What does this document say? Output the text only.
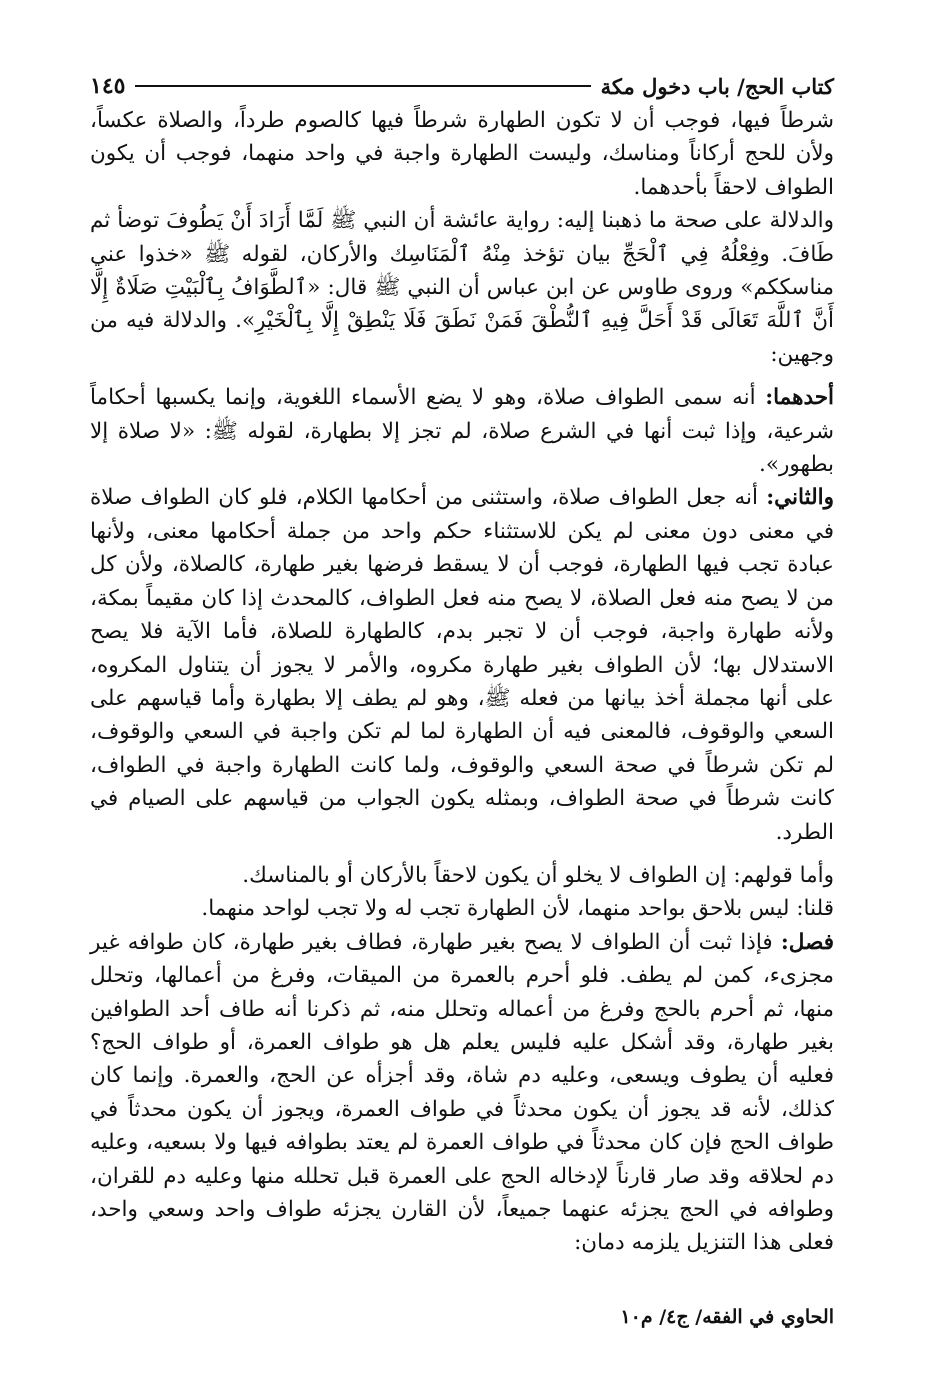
كتاب الحج/ باب دخول مكة
١٤٥

شرطاً فيها، فوجب أن لا تكون الطهارة شرطاً فيها كالصوم طرداً، والصلاة عكساً، ولأن للحج أركاناً ومناسك، وليست الطهارة واجبة في واحد منهما، فوجب أن يكون الطواف لاحقاً بأحدهما.

والدلالة على صحة ما ذهبنا إليه: رواية عائشة أن النبي ﷺ لَمَّا أَرَادَ أَنْ يَطُوفَ توضأ ثم طَافَ. وفِعْلُهُ فِي ٱلْحَجِّ بيان تؤخذ مِنْهُ ٱلْمَنَاسِك والأركان، لقوله ﷺ «خذوا عني مناسككم» وروى طاوس عن ابن عباس أن النبي ﷺ قال: «ٱلطَّوَافُ بِٱلْبَيْتِ صَلَاةٌ إِلَّا أَنَّ ٱللَّهَ تَعَالَى قَدْ أَحَلَّ فِيهِ ٱلنُّطْقَ فَمَنْ نَطَقَ فَلَا يَنْطِقْ إِلَّا بِٱلْخَيْرِ». والدلالة فيه من وجهين:

أحدهما: أنه سمى الطواف صلاة، وهو لا يضع الأسماء اللغوية، وإنما يكسبها أحكاماً شرعية، وإذا ثبت أنها في الشرع صلاة، لم تجز إلا بطهارة، لقوله ﷺ: «لا صلاة إلا بطهور».

والثاني: أنه جعل الطواف صلاة، واستثنى من أحكامها الكلام، فلو كان الطواف صلاة في معنى دون معنى لم يكن للاستثناء حكم واحد من جملة أحكامها معنى، ولأنها عبادة تجب فيها الطهارة، فوجب أن لا يسقط فرضها بغير طهارة، كالصلاة، ولأن كل من لا يصح منه فعل الصلاة، لا يصح منه فعل الطواف، كالمحدث إذا كان مقيماً بمكة، ولأنه طهارة واجبة، فوجب أن لا تجبر بدم، كالطهارة للصلاة، فأما الآية فلا يصح الاستدلال بها؛ لأن الطواف بغير طهارة مكروه، والأمر لا يجوز أن يتناول المكروه، على أنها مجملة أخذ بيانها من فعله ﷺ، وهو لم يطف إلا بطهارة وأما قياسهم على السعي والوقوف، فالمعنى فيه أن الطهارة لما لم تكن واجبة في السعي والوقوف، لم تكن شرطاً في صحة السعي والوقوف، ولما كانت الطهارة واجبة في الطواف، كانت شرطاً في صحة الطواف، وبمثله يكون الجواب من قياسهم على الصيام في الطرد.

وأما قولهم: إن الطواف لا يخلو أن يكون لاحقاً بالأركان أو بالمناسك.

قلنا: ليس بلاحق بواحد منهما، لأن الطهارة تجب له ولا تجب لواحد منهما.

فصل: فإذا ثبت أن الطواف لا يصح بغير طهارة، فطاف بغير طهارة، كان طوافه غير مجزىء، كمن لم يطف. فلو أحرم بالعمرة من الميقات، وفرغ من أعمالها، وتحلل منها، ثم أحرم بالحج وفرغ من أعماله وتحلل منه، ثم ذكرنا أنه طاف أحد الطوافين بغير طهارة، وقد أشكل عليه فليس يعلم هل هو طواف العمرة، أو طواف الحج؟ فعليه أن يطوف ويسعى، وعليه دم شاة، وقد أجزأه عن الحج، والعمرة. وإنما كان كذلك، لأنه قد يجوز أن يكون محدثاً في طواف العمرة، ويجوز أن يكون محدثاً في طواف الحج فإن كان محدثاً في طواف العمرة لم يعتد بطوافه فيها ولا بسعيه، وعليه دم لحلاقه وقد صار قارناً لإدخاله الحج على العمرة قبل تحلله منها وعليه دم للقران، وطوافه في الحج يجزئه عنهما جميعاً، لأن القارن يجزئه طواف واحد وسعي واحد، فعلى هذا التنزيل يلزمه دمان:

الحاوي في الفقه/ ج٤/ م١٠
